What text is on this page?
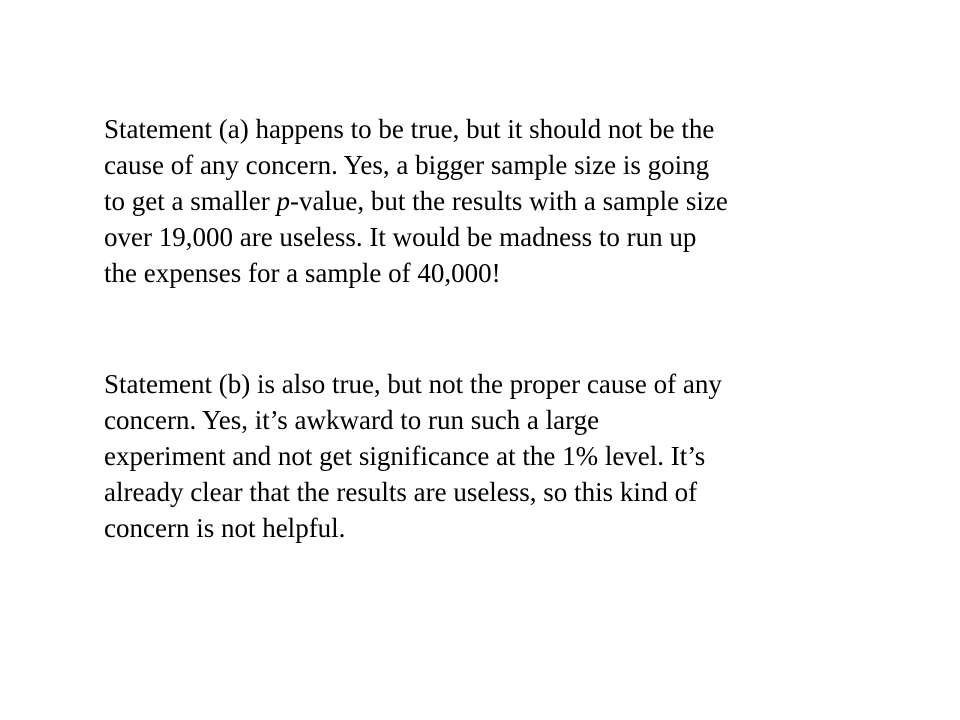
Statement (a) happens to be true, but it should not be the
cause of any concern. Yes, a bigger sample size is going
to get a smaller p-value, but the results with a sample size
over 19,000 are useless. It would be madness to run up
the expenses for a sample of 40,000!

Statement (b) is also true, but not the proper cause of any
concern. Yes, it’s awkward to run such a large
experiment and not get significance at the 1% level. It’s
already clear that the results are useless, so this kind of
concern is not helpful.
